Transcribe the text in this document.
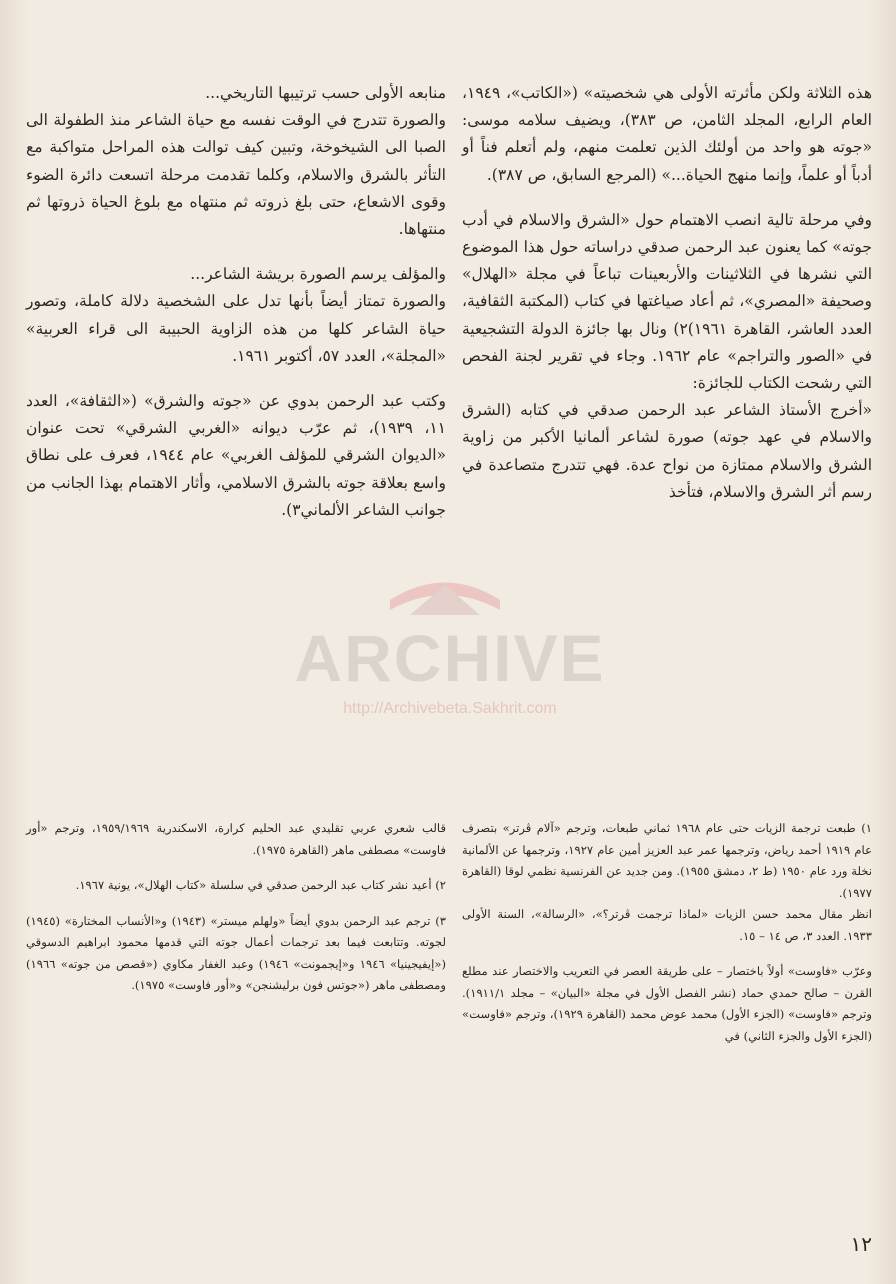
هذه الثلاثة ولكن مأثرته الأولى هي شخصيته» («الكاتب»، ١٩٤٩، العام الرابع، المجلد الثامن، ص ٣٨٣)، ويضيف سلامه موسى: «جوته هو واحد من أولئك الذين تعلمت منهم، ولم أتعلم فناً أو أدباً أو علماً، وإنما منهج الحياة...» (المرجع السابق، ص ٣٨٧).

وفي مرحلة تالية انصب الاهتمام حول «الشرق والاسلام في أدب جوته» كما يعنون عبد الرحمن صدقي دراساته حول هذا الموضوع التي نشرها في الثلاثينات والأربعينات تباعاً في مجلة «الهلال» وصحيفة «المصري»، ثم أعاد صياغتها في كتاب (المكتبة الثقافية، العدد العاشر، القاهرة ١٩٦١)٢) ونال بها جائزة الدولة التشجيعية في «الصور والتراجم» عام ١٩٦٢. وجاء في تقرير لجنة الفحص التي رشحت الكتاب للجائزة:

«أخرج الأستاذ الشاعر عبد الرحمن صدقي في كتابه (الشرق والاسلام في عهد جوته) صورة لشاعر ألمانيا الأكبر من زاوية الشرق والاسلام ممتازة من نواح عدة. فهي تتدرج متصاعدة في رسم أثر الشرق والاسلام، فتأخذ

منابعه الأولى حسب ترتيبها التاريخي...

والصورة تتدرج في الوقت نفسه مع حياة الشاعر منذ الطفولة الى الصبا الى الشيخوخة، وتبين كيف توالت هذه المراحل متواكبة مع التأثر بالشرق والاسلام، وكلما تقدمت مرحلة اتسعت دائرة الضوء وقوى الاشعاع، حتى بلغ ذروته ثم منتهاه مع بلوغ الحياة ذروتها ثم منتهاها.

والمؤلف يرسم الصورة بريشة الشاعر...

والصورة تمتاز أيضاً بأنها تدل على الشخصية دلالة كاملة، وتصور حياة الشاعر كلها من هذه الزاوية الحبيبة الى قراء العربية» «المجلة»، العدد ٥٧، أكتوبر ١٩٦١.

وكتب عبد الرحمن بدوي عن «جوته والشرق» («الثقافة»، العدد ١١، ١٩٣٩)، ثم عرّب ديوانه «الغربي الشرقي» تحت عنوان «الديوان الشرقي للمؤلف الغربي» عام ١٩٤٤، فعرف على نطاق واسع بعلاقة جوته بالشرق الاسلامي، وأثار الاهتمام بهذا الجانب من جوانب الشاعر الألماني٣).

ARCHIVE
http://Archivebeta.Sakhrit.com

١) طبعت ترجمة الزيات حتى عام ١٩٦٨ ثماني طبعات، وترجم «آلام ڤرتر» بتصرف عام ١٩١٩ أحمد رياض، وترجمها عمر عبد العزيز أمين عام ١٩٢٧، وترجمها عن الألمانية نخلة ورد عام ١٩٥٠ (ط ٢، دمشق ١٩٥٥). ومن جديد عن الفرنسية نظمي لوقا (القاهرة ١٩٧٧).

انظر مقال محمد حسن الزيات «لماذا ترجمت ڤرتر؟»، «الرسالة»، السنة الأولى ١٩٣٣. العدد ٣، ص ١٤ – ١٥.

وعرّب «فاوست» أولاً باختصار – على طريقة العصر في التعريب والاختصار عند مطلع القرن – صالح حمدي حماد (نشر الفصل الأول في مجلة «البيان» – مجلد ١٩١١/١). وترجم «فاوست» (الجزء الأول) محمد عوض محمد (القاهرة ١٩٢٩)، وترجم «فاوست» (الجزء الأول والجزء الثاني) في

قالب شعري عربي تقليدي عبد الحليم كرارة، الاسكندرية ١٩٥٩/١٩٦٩، وترجم «أور فاوست» مصطفى ماهر (القاهرة ١٩٧٥).

٢) أعيد نشر كتاب عبد الرحمن صدقي في سلسلة «كتاب الهلال»، يونية ١٩٦٧.

٣) ترجم عبد الرحمن بدوي أيضاً «ولهلم ميستر» (١٩٤٣) و«الأنساب المختارة» (١٩٤٥) لجوته. وتتابعت فيما بعد ترجمات أعمال جوته التي قدمها محمود ابراهيم الدسوقي («إيفيجينيا» ١٩٤٦ و«إيجمونت» ١٩٤٦) وعبد الغفار مكاوي («قصص من جوته» ١٩٦٦) ومصطفى ماهر («جوتس فون برليشنجن» و«أور فاوست» ١٩٧٥).

١٢
